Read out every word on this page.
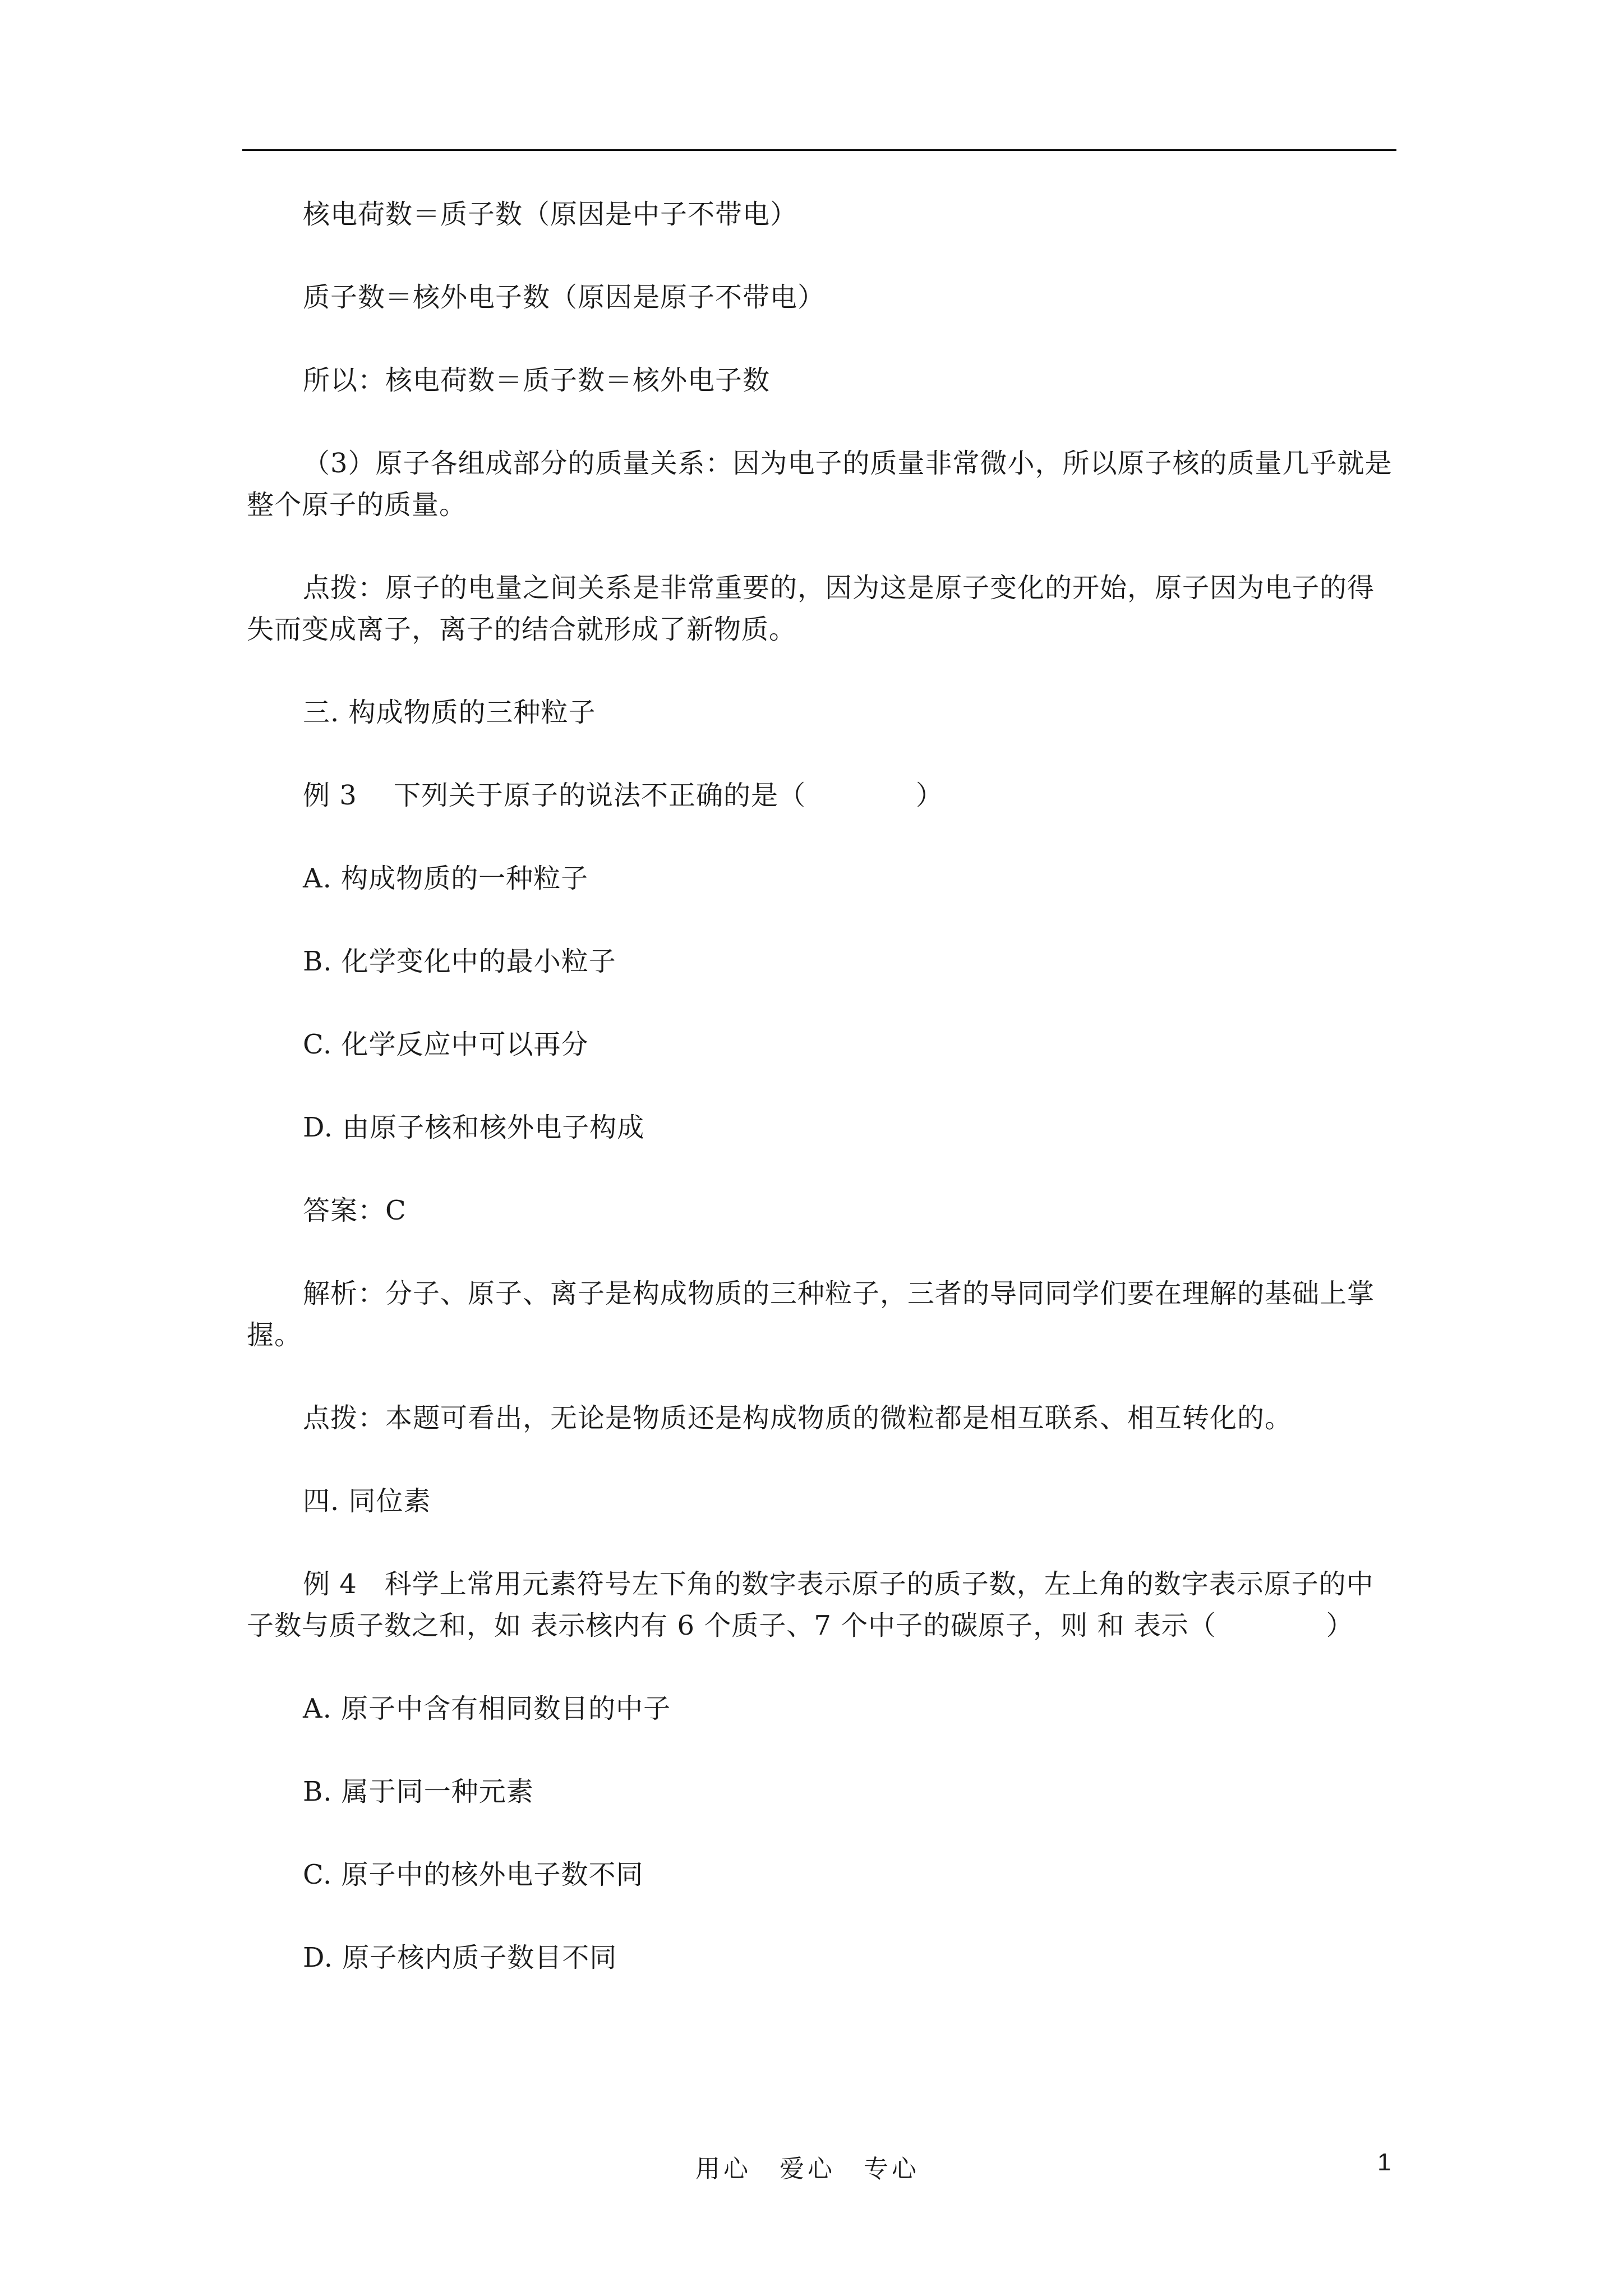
核电荷数＝质子数（原因是中子不带电）

质子数＝核外电子数（原因是原子不带电）

所以：核电荷数＝质子数＝核外电子数

（3）原子各组成部分的质量关系：因为电子的质量非常微小，所以原子核的质量几乎就是整个原子的质量。

点拨：原子的电量之间关系是非常重要的，因为这是原子变化的开始，原子因为电子的得失而变成离子，离子的结合就形成了新物质。

三. 构成物质的三种粒子

例 3　 下列关于原子的说法不正确的是（　　　　）

A. 构成物质的一种粒子

B. 化学变化中的最小粒子

C. 化学反应中可以再分

D. 由原子核和核外电子构成

答案：C

解析：分子、原子、离子是构成物质的三种粒子，三者的导同同学们要在理解的基础上掌握。

点拨：本题可看出，无论是物质还是构成物质的微粒都是相互联系、相互转化的。

四. 同位素

例 4　科学上常用元素符号左下角的数字表示原子的质子数，左上角的数字表示原子的中子数与质子数之和，如 表示核内有 6 个质子、7 个中子的碳原子，则 和 表示（　　　　）

A. 原子中含有相同数目的中子

B. 属于同一种元素

C. 原子中的核外电子数不同

D. 原子核内质子数目不同

用心　爱心　专心	1
